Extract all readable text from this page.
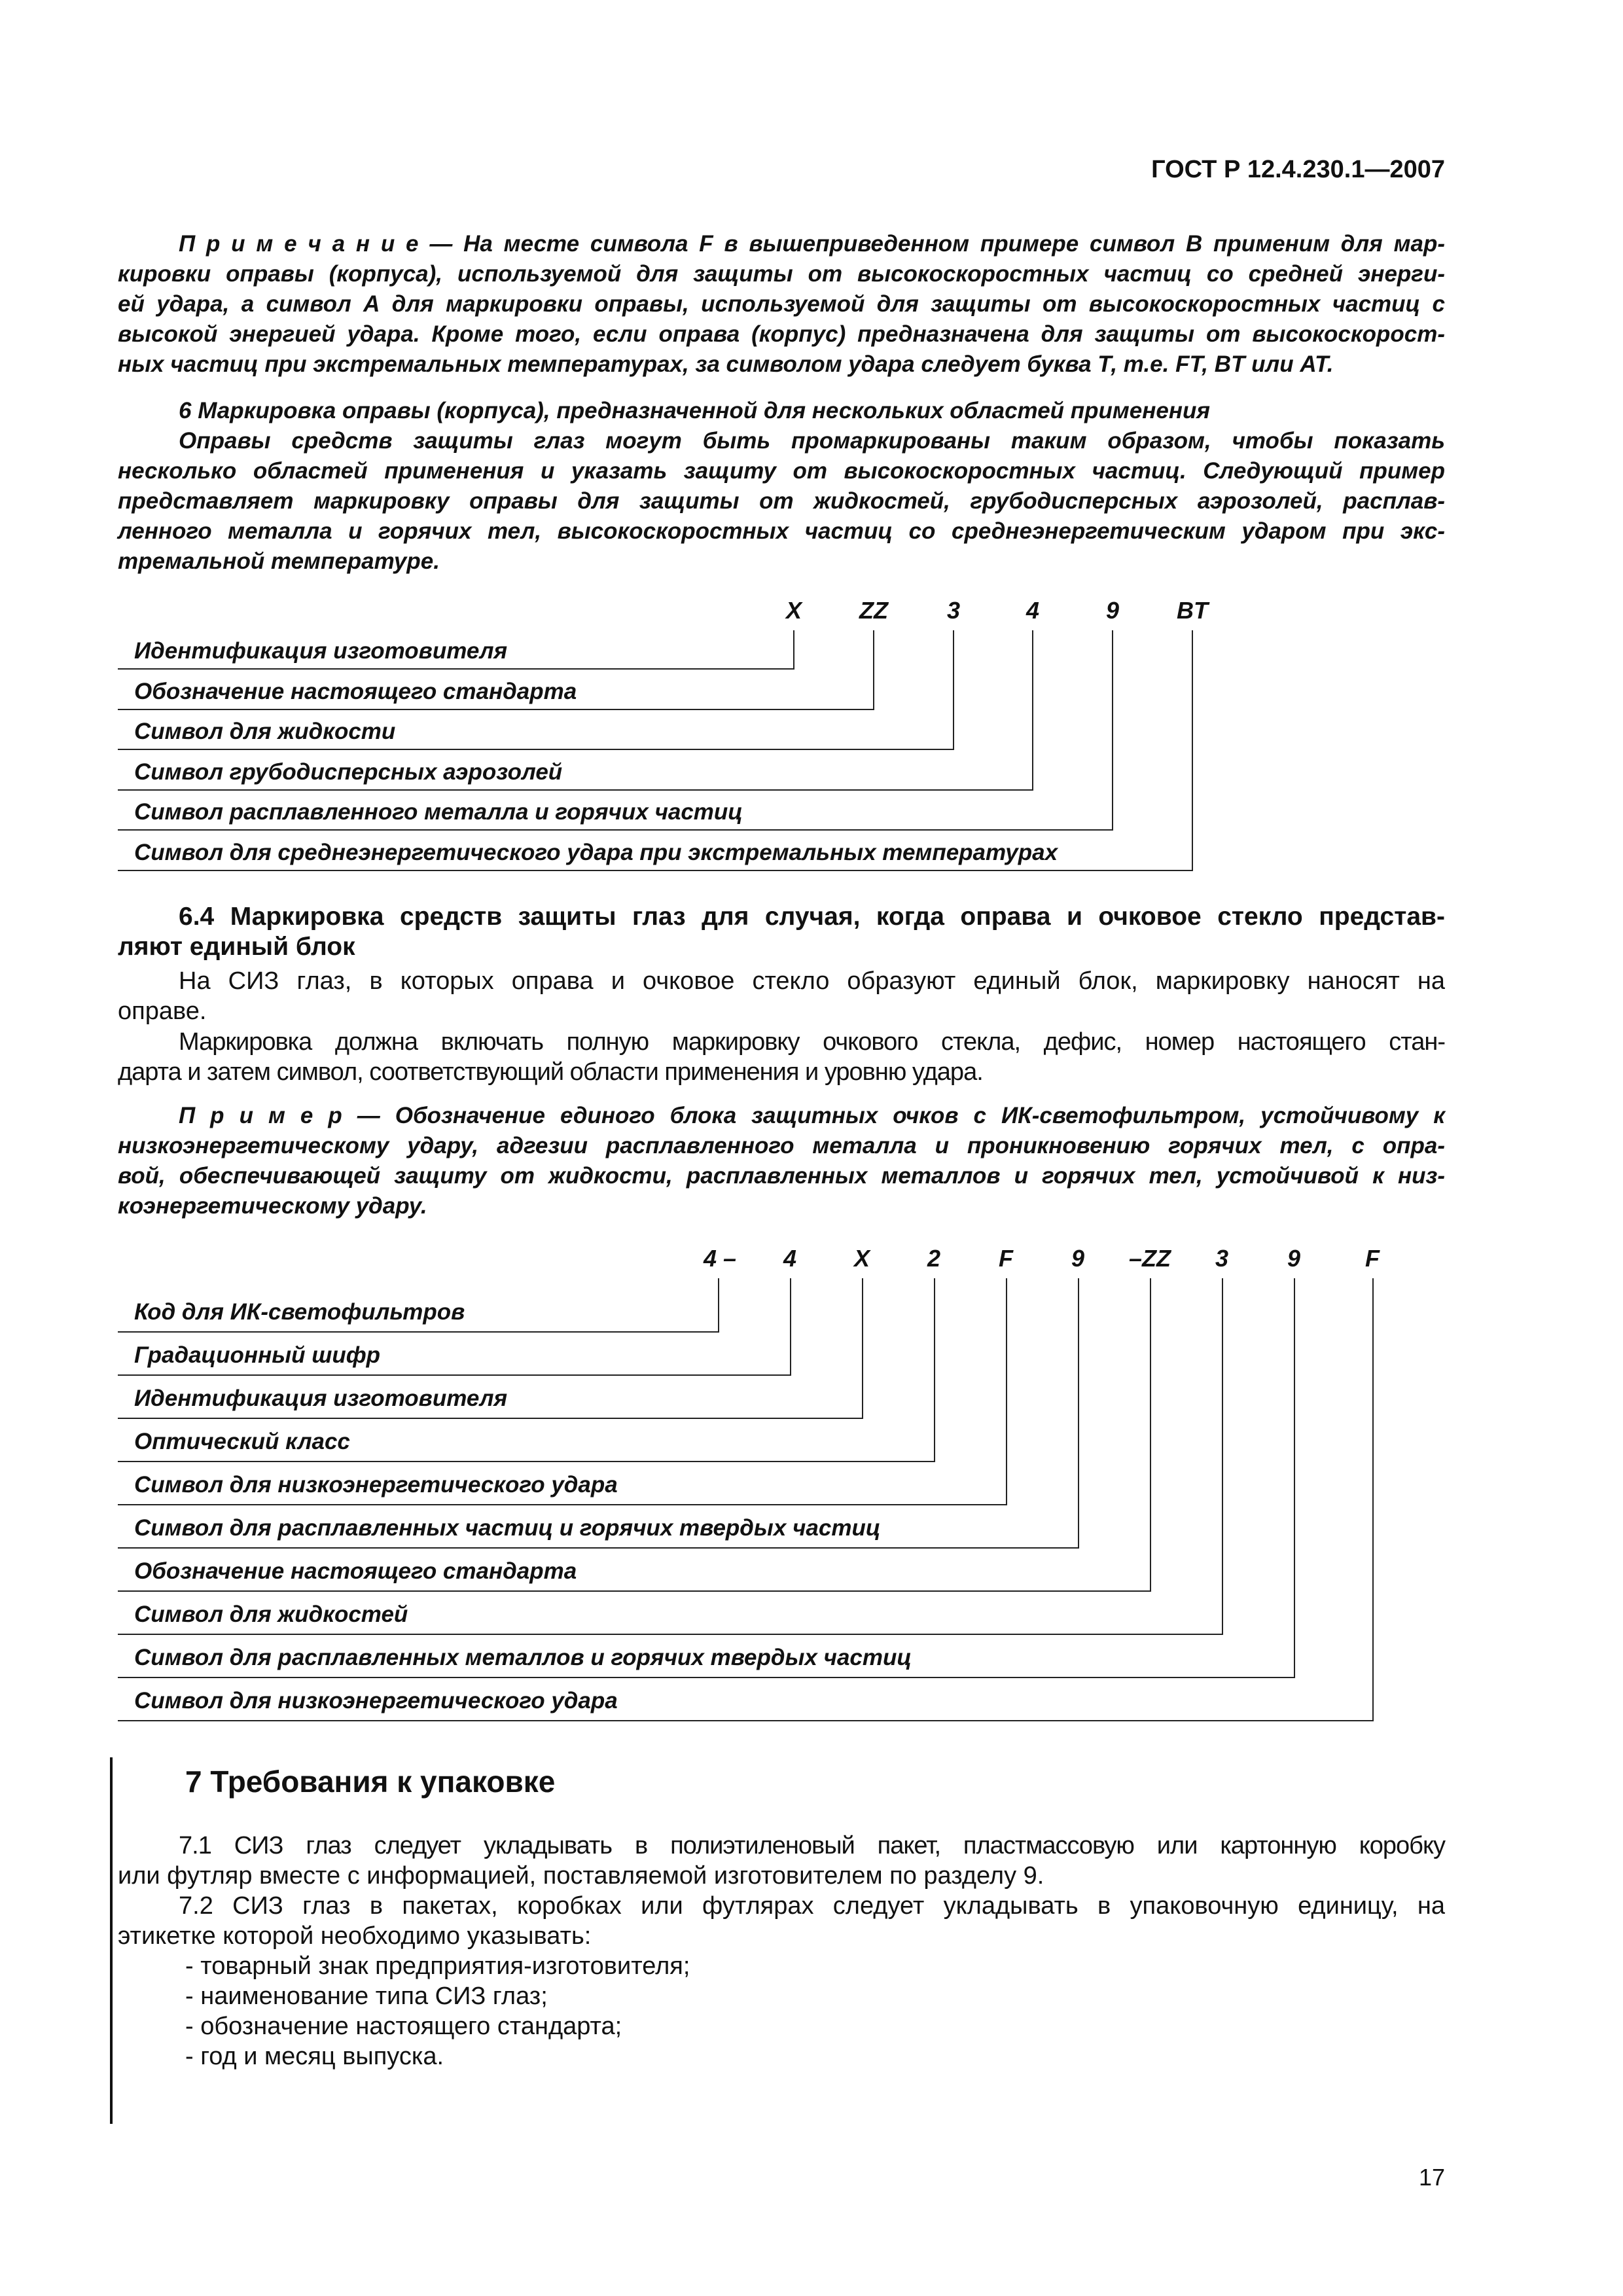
ГОСТ Р 12.4.230.1—2007
П р и м е ч а н и е — На месте символа F в вышеприведенном примере символ В применим для мар-
кировки оправы (корпуса), используемой для защиты от высокоскоростных частиц со средней энерги-
ей удара, а символ А для маркировки оправы, используемой для защиты от высокоскоростных частиц с
высокой энергией удара. Кроме того, если оправа (корпус) предназначена для защиты от высокоскорост-
ных частиц при экстремальных температурах, за символом удара следует буква Т, т.е. FT, BT или AT.
6 Маркировка оправы (корпуса), предназначенной для нескольких областей применения
Оправы средств защиты глаз могут быть промаркированы таким образом, чтобы показать
несколько областей применения и указать защиту от высокоскоростных частиц. Следующий пример
представляет маркировку оправы для защиты от жидкостей, грубодисперсных аэрозолей, расплав-
ленного металла и горячих тел, высокоскоростных частиц со среднеэнергетическим ударом при экс-
тремальной температуре.
X ZZ 3	4	9 BT
Идентификация изготовителя
Обозначение настоящего стандарта
Символ для жидкости
Символ грубодисперсных аэрозолей
Символ расплавленного металла и горячих частиц
Символ для среднеэнергетического удара при экстремальных температурах
6.4 Маркировка средств защиты глаз для случая, когда оправа и очковое стекло представ-
ляют единый блок
На СИЗ глаз, в которых оправа и очковое стекло образуют единый блок, маркировку наносят на
оправе.
Маркировка должна включать полную маркировку очкового стекла, дефис, номер настоящего стан-
дарта и затем символ, соответствующий области применения и уровню удара.
П р и м е р — Обозначение единого блока защитных очков с ИК-светофильтром, устойчивому к
низкоэнергетическому удару, адгезии расплавленного металла и проникновению горячих тел, с опра-
вой, обеспечивающей защиту от жидкости, расплавленных металлов и горячих тел, устойчивой к низ-
коэнергетическому удару.
4 – 4 X 2 F 9 –ZZ 3 9	F
Код для ИК-светофильтров
Градационный шифр
Идентификация изготовителя
Оптический класс
Символ для низкоэнергетического удара
Символ для расплавленных частиц и горячих твердых частиц
Обозначение настоящего стандарта
Символ для жидкостей
Символ для расплавленных металлов и горячих твердых частиц
Символ для низкоэнергетического удара
7 Требования к упаковке
7.1 СИЗ глаз следует укладывать в полиэтиленовый пакет, пластмассовую или картонную коробку
или футляр вместе с информацией, поставляемой изготовителем по разделу 9.
7.2 СИЗ глаз в пакетах, коробках или футлярах следует укладывать в упаковочную единицу, на
этикетке которой необходимо указывать:
- товарный знак предприятия-изготовителя;
- наименование типа СИЗ глаз;
- обозначение настоящего стандарта;
- год и месяц выпуска.
17
